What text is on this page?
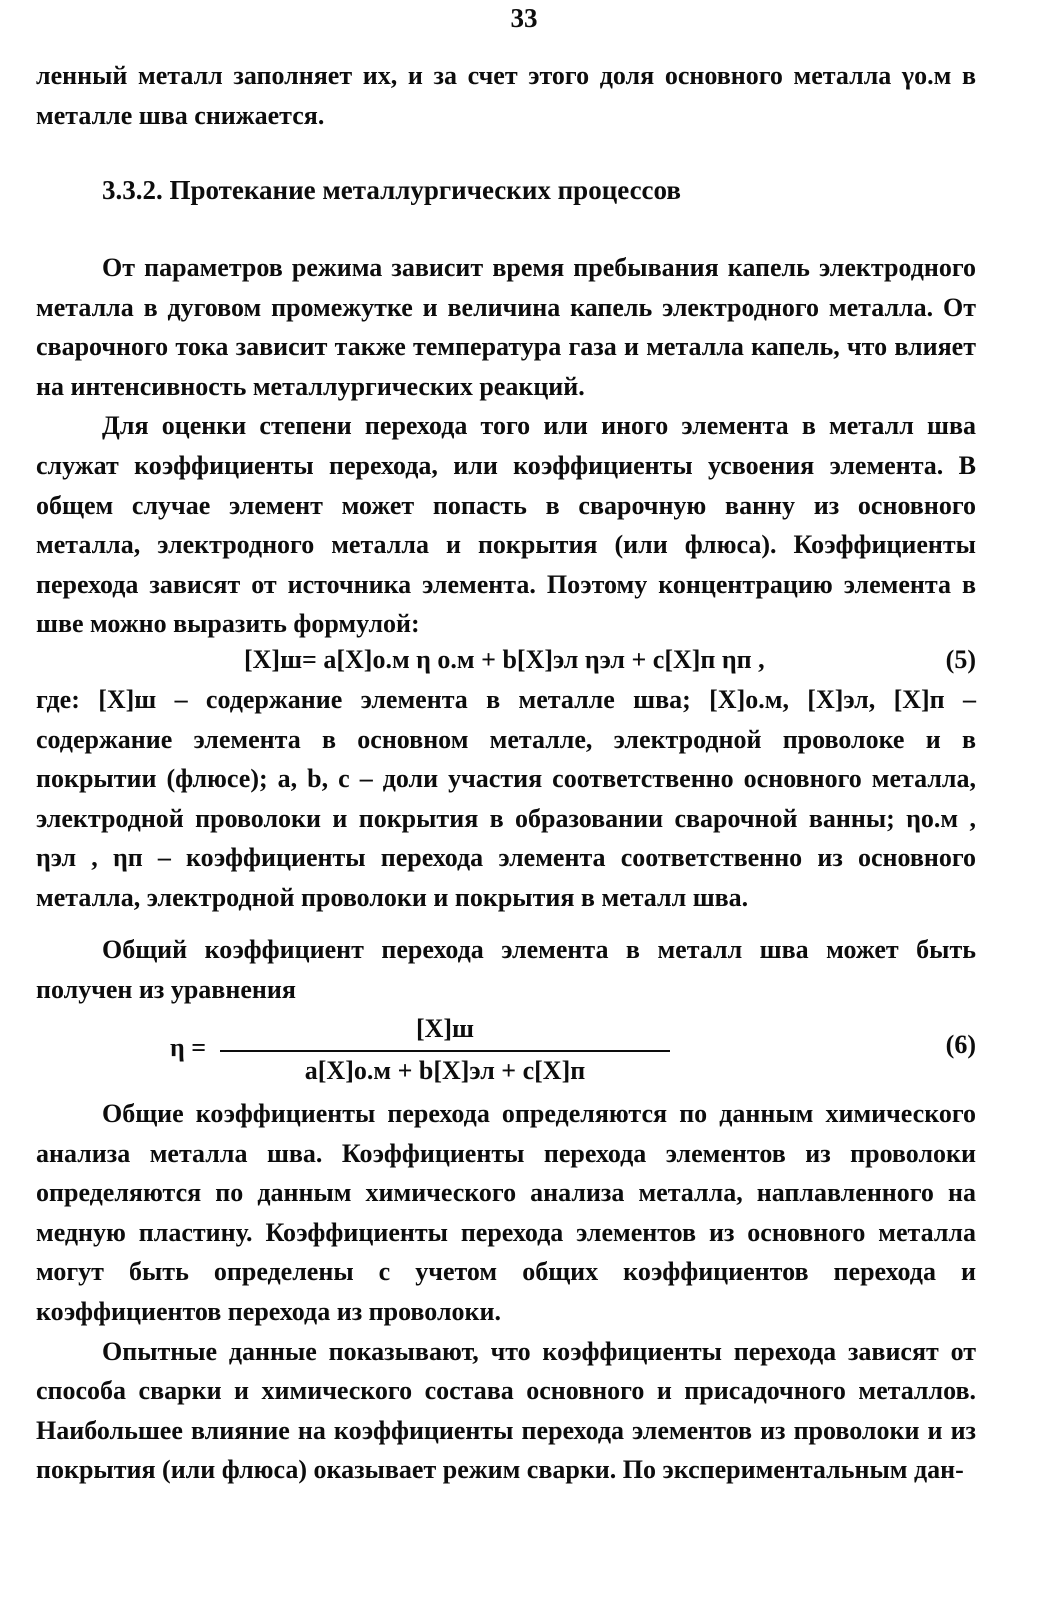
33

ленный металл заполняет их, и за счет этого доля основного металла γо.м в металле шва снижается.

3.3.2. Протекание металлургических процессов

От параметров режима зависит время пребывания капель электродного металла в дуговом промежутке и величина капель электродного металла. От сварочного тока зависит также температура газа и металла капель, что влияет на интенсивность металлургических реакций.

Для оценки степени перехода того или иного элемента в металл шва служат коэффициенты перехода, или коэффициенты усвоения элемента. В общем случае элемент может попасть в сварочную ванну из основного металла, электродного металла и покрытия (или флюса). Коэффициенты перехода зависят от источника элемента. Поэтому концентрацию элемента в шве можно выразить формулой:

[X]ш= a[X]о.м η о.м + b[X]эл ηэл + c[X]п ηп ,	(5)

где: [X]ш – содержание элемента в металле шва; [X]о.м, [X]эл, [X]п – содержание элемента в основном металле, электродной проволоке и в покрытии (флюсе); a, b, c – доли участия соответственно основного металла, электродной проволоки и покрытия в образовании сварочной ванны; ηо.м , ηэл , ηп – коэффициенты перехода элемента соответственно из основного металла, электродной проволоки и покрытия в металл шва.

Общий коэффициент перехода элемента в металл шва может быть получен из уравнения

η =
[X]ш
a[X]о.м + b[X]эл + c[X]п
(6)

Общие коэффициенты перехода определяются по данным химического анализа металла шва. Коэффициенты перехода элементов из проволоки определяются по данным химического анализа металла, наплавленного на медную пластину. Коэффициенты перехода элементов из основного металла могут быть определены с учетом общих коэффициентов перехода и коэффициентов перехода из проволоки.

Опытные данные показывают, что коэффициенты перехода зависят от способа сварки и химического состава основного и присадочного металлов. Наибольшее влияние на коэффициенты перехода элементов из проволоки и из покрытия (или флюса) оказывает режим сварки. По экспериментальным дан-
